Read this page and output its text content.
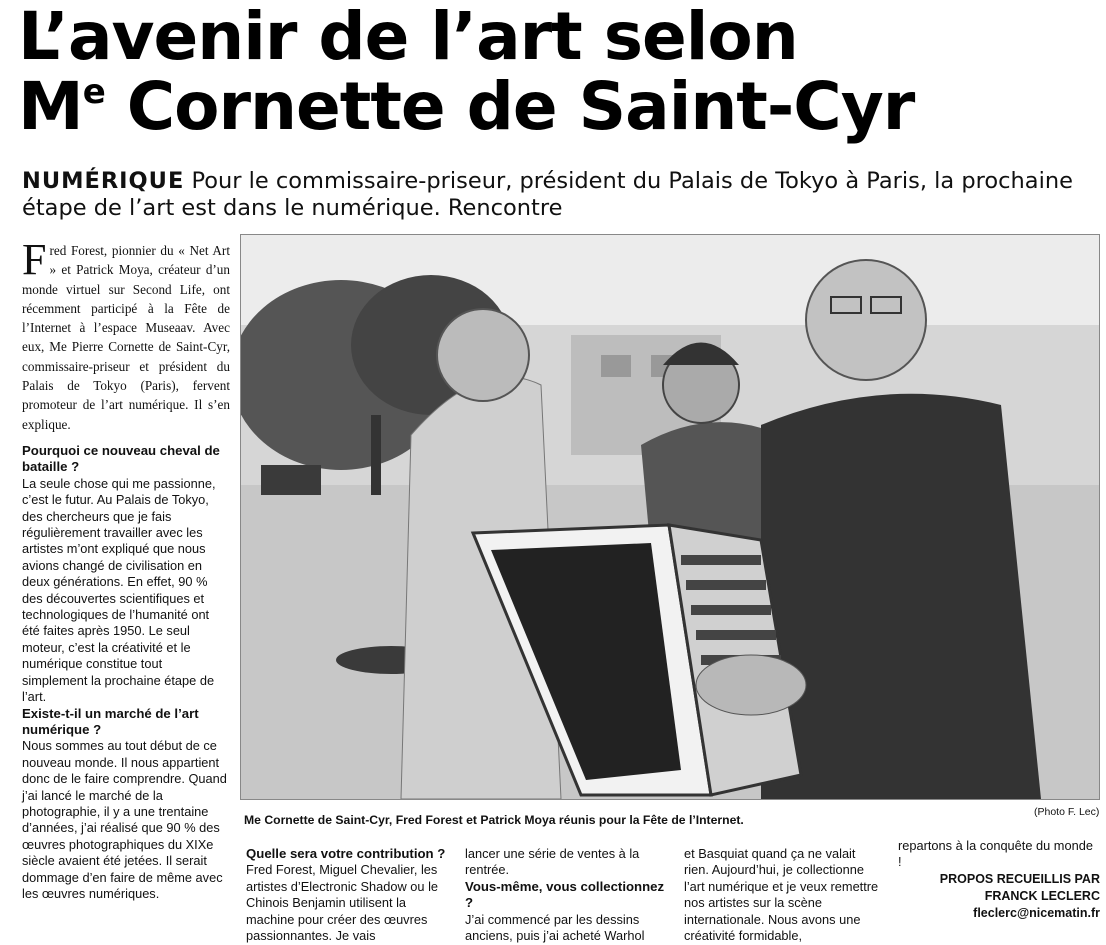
L’avenir de l’art selon
Me Cornette de Saint-Cyr
NUMÉRIQUE Pour le commissaire-priseur, président du Palais de Tokyo à Paris, la prochaine étape de l’art est dans le numérique. Rencontre
Fred Forest, pionnier du « Net Art » et Patrick Moya, créateur d’un monde virtuel sur Second Life, ont récemment participé à la Fête de l’Internet à l’espace Museaav. Avec eux, Me Pierre Cornette de Saint-Cyr, commissaire-priseur et président du Palais de Tokyo (Paris), fervent promoteur de l’art numérique. Il s’en explique.

Pourquoi ce nouveau cheval de bataille ?

La seule chose qui me passionne, c’est le futur. Au Palais de Tokyo, des chercheurs que je fais régulièrement travailler avec les artistes m’ont expliqué que nous avions changé de civilisation en deux générations. En effet, 90 % des découvertes scientifiques et technologiques de l’humanité ont été faites après 1950. Le seul moteur, c’est la créativité et le numérique constitue tout simplement la prochaine étape de l’art.

Existe-t-il un marché de l’art numérique ?

Nous sommes au tout début de ce nouveau monde. Il nous appartient donc de le faire comprendre. Quand j’ai lancé le marché de la photographie, il y a une trentaine d’années, j’ai réalisé que 90 % des œuvres photographiques du XIXe siècle avaient été jetées. Il serait dommage d’en faire de même avec les œuvres numériques.

Me Cornette de Saint-Cyr, Fred Forest et Patrick Moya réunis pour la Fête de l’Internet.
(Photo F. Lec)

Quelle sera votre contribution ?

Fred Forest, Miguel Chevalier, les artistes d’Electronic Shadow ou le Chinois Benjamin utilisent la machine pour créer des œuvres passionnantes. Je vais

lancer une série de ventes à la rentrée.

Vous-même, vous collectionnez ?

J’ai commencé par les dessins anciens, puis j’ai acheté Warhol

et Basquiat quand ça ne valait rien. Aujourd’hui, je collectionne l’art numérique et je veux remettre nos artistes sur la scène internationale. Nous avons une créativité formidable,

repartons à la conquête du monde !

PROPOS RECUEILLIS PAR

FRANCK LECLERC

fleclerc@nicematin.fr
